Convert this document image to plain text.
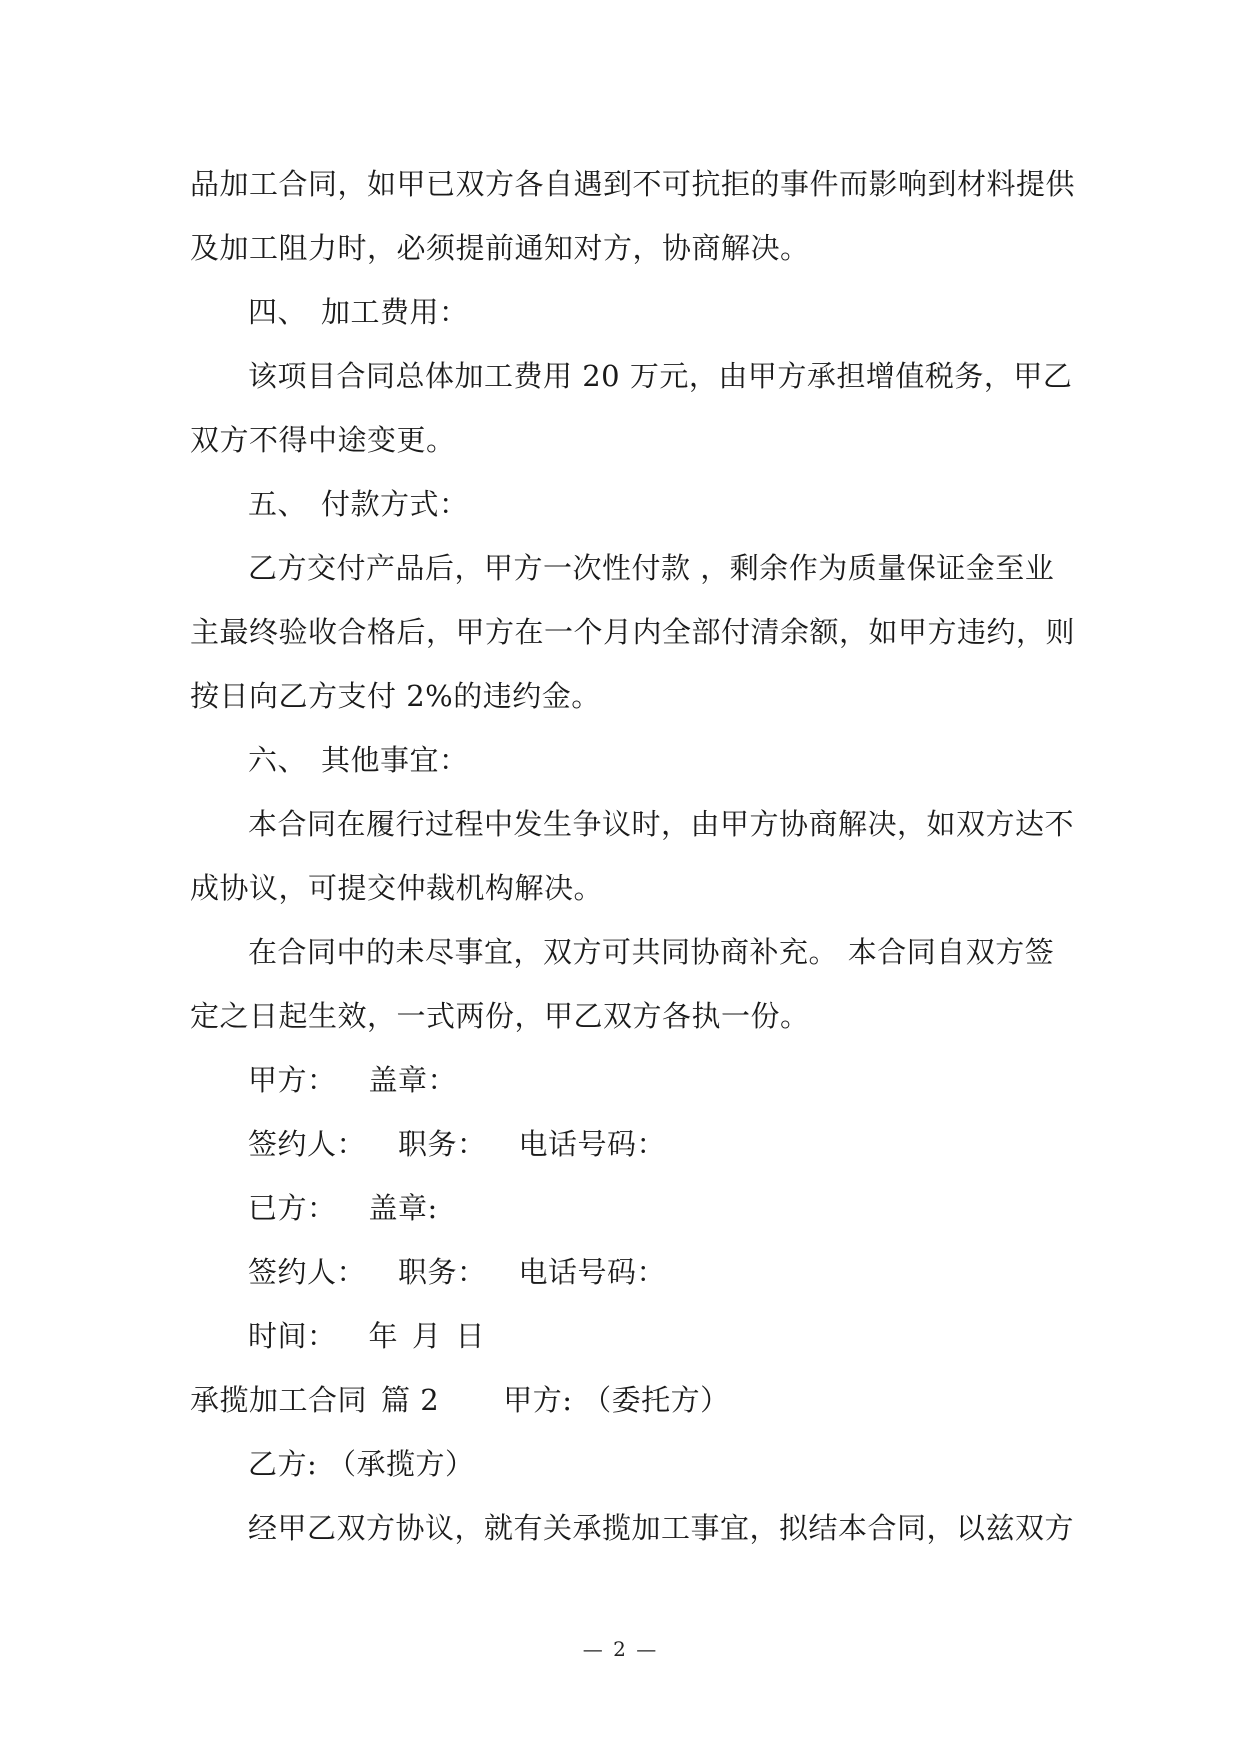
品加工合同，如甲已双方各自遇到不可抗拒的事件而影响到材料提供
及加工阻力时，必须提前通知对方，协商解决。
四、 加工费用：
该项目合同总体加工费用 20 万元，由甲方承担增值税务，甲乙
双方不得中途变更。
五、 付款方式：
乙方交付产品后，甲方一次性付款 ，剩余作为质量保证金至业
主最终验收合格后，甲方在一个月内全部付清余额，如甲方违约，则
按日向乙方支付 2%的违约金。
六、 其他事宜：
本合同在履行过程中发生争议时，由甲方协商解决，如双方达不
成协议，可提交仲裁机构解决。
在合同中的未尽事宜，双方可共同协商补充。 本合同自双方签
定之日起生效，一式两份，甲乙双方各执一份。
甲方： 盖章：
签约人： 职务： 电话号码：
已方： 盖章:
签约人： 职务： 电话号码：
时间： 年 月 日
承揽加工合同 篇 2 甲方: （委托方）
乙方: （承揽方）
经甲乙双方协议，就有关承揽加工事宜，拟结本合同，以兹双方
— 2 —
